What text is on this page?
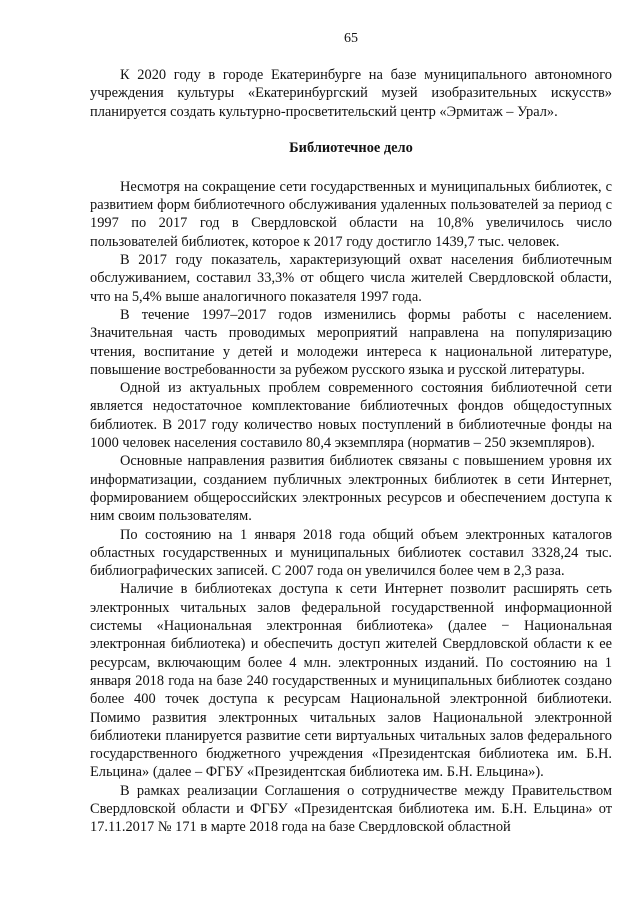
65

К 2020 году в городе Екатеринбурге на базе муниципального автономного учреждения культуры «Екатеринбургский музей изобразительных искусств» планируется создать культурно-просветительский центр «Эрмитаж – Урал».

Библиотечное дело

Несмотря на сокращение сети государственных и муниципальных библиотек, с развитием форм библиотечного обслуживания удаленных пользователей за период с 1997 по 2017 год в Свердловской области на 10,8% увеличилось число пользователей библиотек, которое к 2017 году достигло 1439,7 тыс. человек.

В 2017 году показатель, характеризующий охват населения библиотечным обслуживанием, составил 33,3% от общего числа жителей Свердловской области, что на 5,4% выше аналогичного показателя 1997 года.

В течение 1997–2017 годов изменились формы работы с населением. Значительная часть проводимых мероприятий направлена на популяризацию чтения, воспитание у детей и молодежи интереса к национальной литературе, повышение востребованности за рубежом русского языка и русской литературы.

Одной из актуальных проблем современного состояния библиотечной сети является недостаточное комплектование библиотечных фондов общедоступных библиотек. В 2017 году количество новых поступлений в библиотечные фонды на 1000 человек населения составило 80,4 экземпляра (норматив – 250 экземпляров).

Основные направления развития библиотек связаны с повышением уровня их информатизации, созданием публичных электронных библиотек в сети Интернет, формированием общероссийских электронных ресурсов и обеспечением доступа к ним своим пользователям.

По состоянию на 1 января 2018 года общий объем электронных каталогов областных государственных и муниципальных библиотек составил 3328,24 тыс. библиографических записей. С 2007 года он увеличился более чем в 2,3 раза.

Наличие в библиотеках доступа к сети Интернет позволит расширять сеть электронных читальных залов федеральной государственной информационной системы «Национальная электронная библиотека» (далее − Национальная электронная библиотека) и обеспечить доступ жителей Свердловской области к ее ресурсам, включающим более 4 млн. электронных изданий. По состоянию на 1 января 2018 года на базе 240 государственных и муниципальных библиотек создано более 400 точек доступа к ресурсам Национальной электронной библиотеки. Помимо развития электронных читальных залов Национальной электронной библиотеки планируется развитие сети виртуальных читальных залов федерального государственного бюджетного учреждения «Президентская библиотека им. Б.Н. Ельцина» (далее – ФГБУ «Президентская библиотека им. Б.Н. Ельцина»).

В рамках реализации Соглашения о сотрудничестве между Правительством Свердловской области и ФГБУ «Президентская библиотека им. Б.Н. Ельцина» от 17.11.2017 № 171 в марте 2018 года на базе Свердловской областной
